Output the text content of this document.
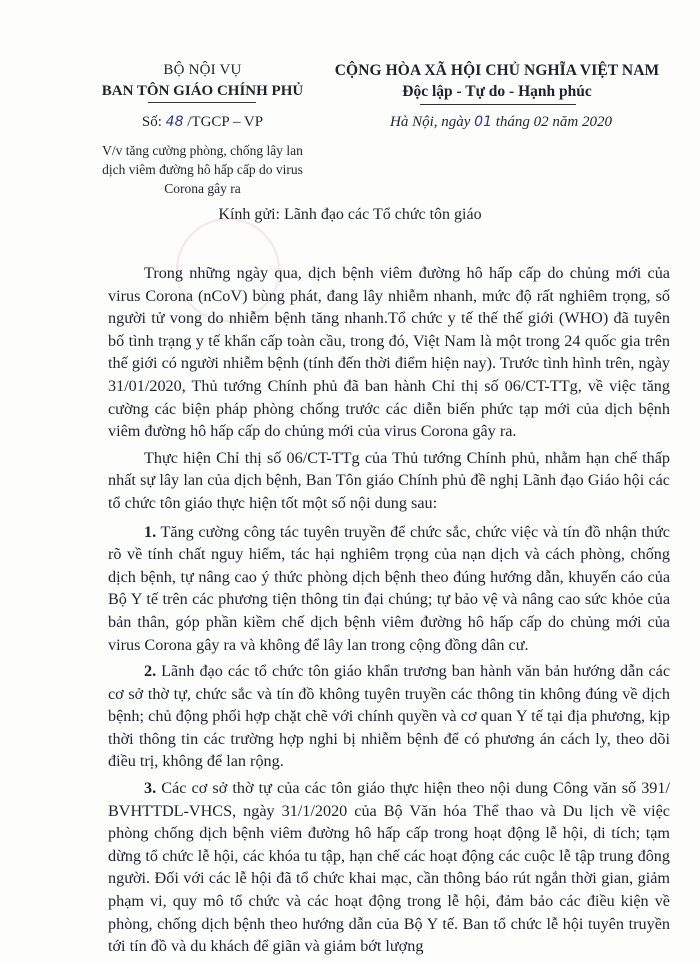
BỘ NỘI VỤ
BAN TÔN GIÁO CHÍNH PHỦ
Số: 48 /TGCP – VP
V/v tăng cường phòng, chống lây lan dịch viêm đường hô hấp cấp do virus Corona gây ra
CỘNG HÒA XÃ HỘI CHỦ NGHĨA VIỆT NAM
Độc lập - Tự do - Hạnh phúc
Hà Nội, ngày 01 tháng 02 năm 2020
Kính gửi: Lãnh đạo các Tổ chức tôn giáo

Trong những ngày qua, dịch bệnh viêm đường hô hấp cấp do chủng mới của virus Corona (nCoV) bùng phát, đang lây nhiễm nhanh, mức độ rất nghiêm trọng, số người tử vong do nhiễm bệnh tăng nhanh.Tổ chức y tế thế thế giới (WHO) đã tuyên bố tình trạng y tế khẩn cấp toàn cầu, trong đó, Việt Nam là một trong 24 quốc gia trên thế giới có người nhiễm bệnh (tính đến thời điểm hiện nay). Trước tình hình trên, ngày 31/01/2020, Thủ tướng Chính phủ đã ban hành Chỉ thị số 06/CT-TTg, về việc tăng cường các biện pháp phòng chống trước các diễn biến phức tạp mới của dịch bệnh viêm đường hô hấp cấp do chủng mới của virus Corona gây ra.

Thực hiện Chỉ thị số 06/CT-TTg của Thủ tướng Chính phủ, nhằm hạn chế thấp nhất sự lây lan của dịch bệnh, Ban Tôn giáo Chính phủ đề nghị Lãnh đạo Giáo hội các tổ chức tôn giáo thực hiện tốt một số nội dung sau:

1. Tăng cường công tác tuyên truyền để chức sắc, chức việc và tín đồ nhận thức rõ về tính chất nguy hiểm, tác hại nghiêm trọng của nạn dịch và cách phòng, chống dịch bệnh, tự nâng cao ý thức phòng dịch bệnh theo đúng hướng dẫn, khuyến cáo của Bộ Y tế trên các phương tiện thông tin đại chúng; tự bảo vệ và nâng cao sức khỏe của bản thân, góp phần kiềm chế dịch bệnh viêm đường hô hấp cấp do chủng mới của virus Corona gây ra và không để lây lan trong cộng đồng dân cư.

2. Lãnh đạo các tổ chức tôn giáo khẩn trương ban hành văn bản hướng dẫn các cơ sở thờ tự, chức sắc và tín đồ không tuyên truyền các thông tin không đúng về dịch bệnh; chủ động phối hợp chặt chẽ với chính quyền và cơ quan Y tế tại địa phương, kịp thời thông tin các trường hợp nghi bị nhiễm bệnh để có phương án cách ly, theo dõi điều trị, không để lan rộng.

3. Các cơ sở thờ tự của các tôn giáo thực hiện theo nội dung Công văn số 391/ BVHTTDL-VHCS, ngày 31/1/2020 của Bộ Văn hóa Thể thao và Du lịch về việc phòng chống dịch bệnh viêm đường hô hấp cấp trong hoạt động lễ hội, di tích; tạm dừng tổ chức lễ hội, các khóa tu tập, hạn chế các hoạt động các cuộc lễ tập trung đông người. Đối với các lễ hội đã tổ chức khai mạc, cần thông báo rút ngắn thời gian, giảm phạm vi, quy mô tổ chức và các hoạt động trong lễ hội, đảm bảo các điều kiện về phòng, chống dịch bệnh theo hướng dẫn của Bộ Y tế. Ban tổ chức lễ hội tuyên truyền tới tín đồ và du khách để giãn và giảm bớt lượng
